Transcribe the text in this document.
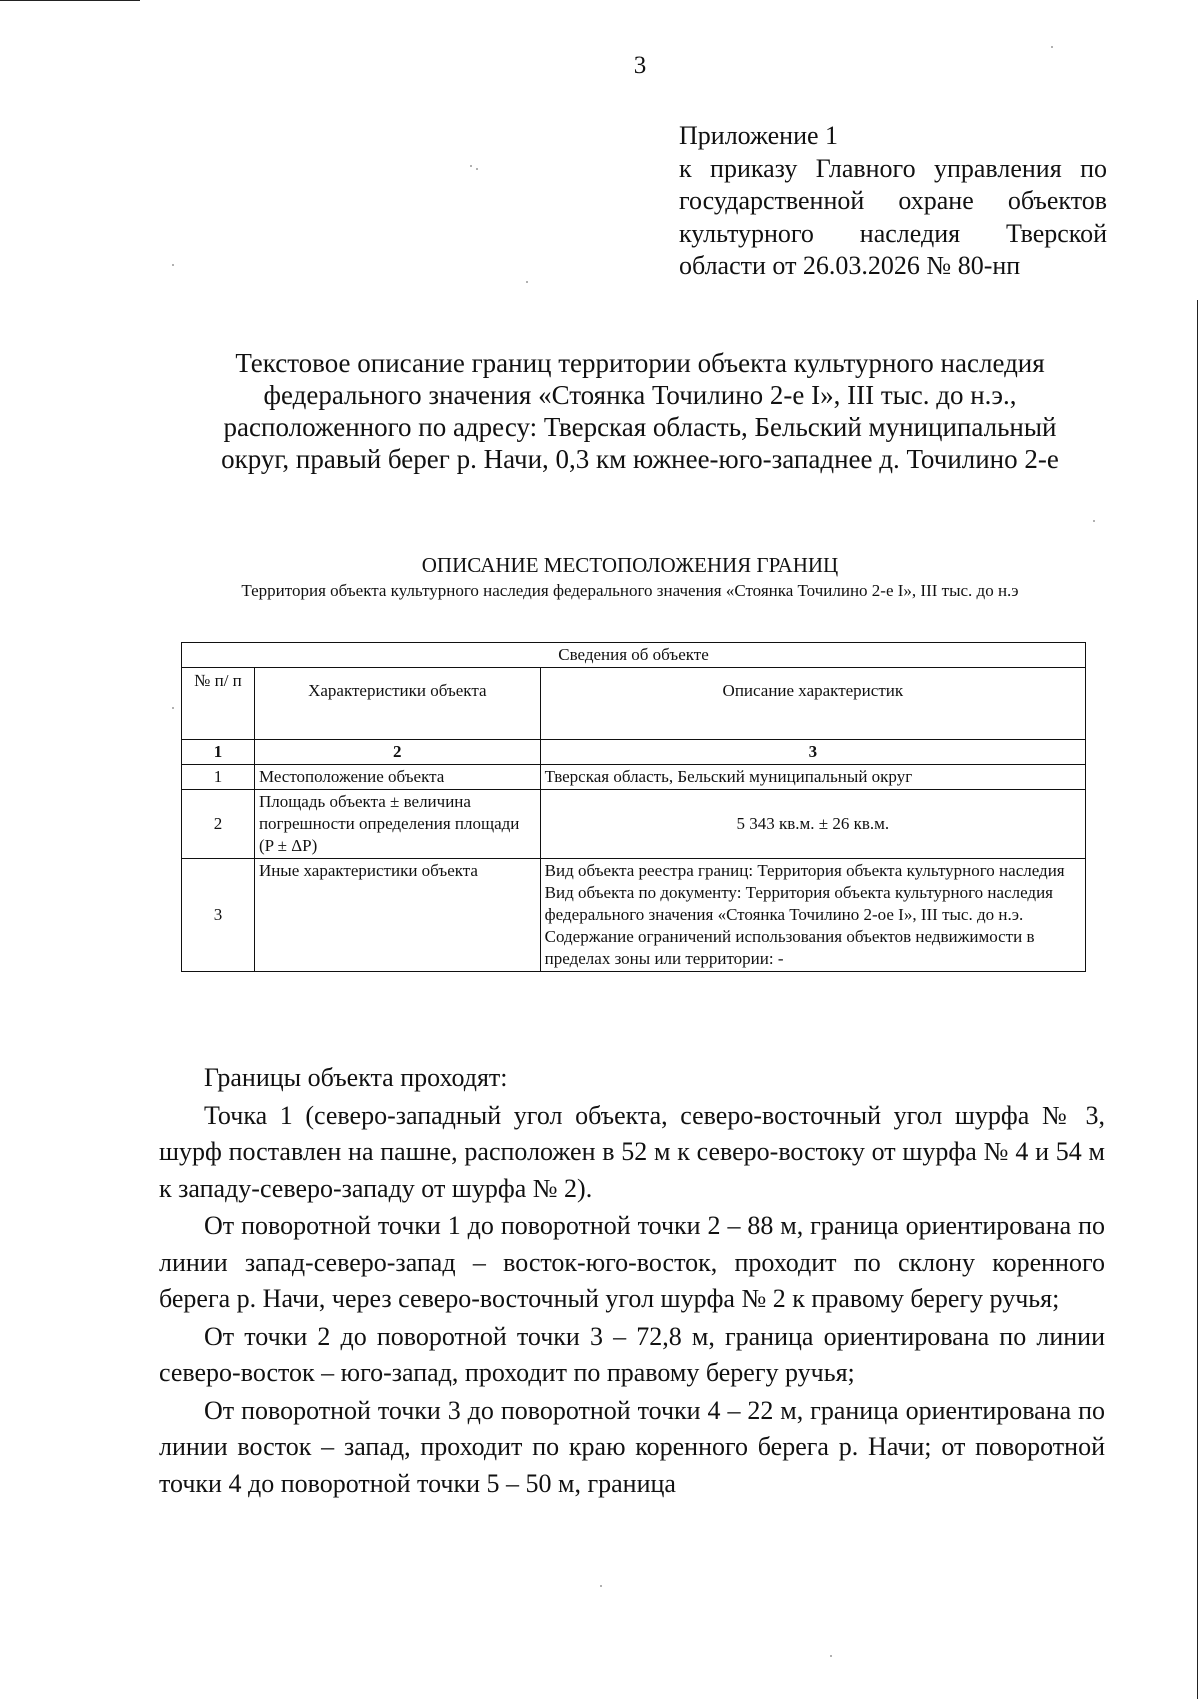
3
Приложение 1
к приказу Главного управления по
государственной охране объектов
культурного наследия Тверской
области от 26.03.2026 № 80-нп
Текстовое описание границ территории объекта культурного наследия
федерального значения «Стоянка Точилино 2-е I», III тыс. до н.э.,
расположенного по адресу: Тверская область, Бельский муниципальный
округ, правый берег р. Начи, 0,3 км южнее-юго-западнее д. Точилино 2-е
ОПИСАНИЕ МЕСТОПОЛОЖЕНИЯ ГРАНИЦ
Территория объекта культурного наследия федерального значения «Стоянка Точилино 2-е I», III тыс. до н.э
Сведения об объекте		
№ п/ п	Характеристики объекта	Описание характеристик
1	2	3
1	Местоположение объекта	Тверская область, Бельский муниципальный округ
2	Площадь объекта ± величина погрешности определения площади (P ± ΔP)	5 343 кв.м. ± 26 кв.м.
3	Иные характеристики объекта	Вид объекта реестра границ: Территория объекта культурного наследия
Вид объекта по документу: Территория объекта культурного наследия федерального значения «Стоянка Точилино 2-ое I», III тыс. до н.э.
Содержание ограничений использования объектов недвижимости в пределах зоны или территории: -

Границы объекта проходят:

Точка 1 (северо-западный угол объекта, северо-восточный угол шурфа № 3, шурф поставлен на пашне, расположен в 52 м к северо-востоку от шурфа № 4 и 54 м к западу-северо-западу от шурфа № 2).

От поворотной точки 1 до поворотной точки 2 – 88 м, граница ориентирована по линии запад-северо-запад – восток-юго-восток, проходит по склону коренного берега р. Начи, через северо-восточный угол шурфа № 2 к правому берегу ручья;

От точки 2 до поворотной точки 3 – 72,8 м, граница ориентирована по линии северо-восток – юго-запад, проходит по правому берегу ручья;

От поворотной точки 3 до поворотной точки 4 – 22 м, граница ориентирована по линии восток – запад, проходит по краю коренного берега р. Начи; от поворотной точки 4 до поворотной точки 5 – 50 м, граница
